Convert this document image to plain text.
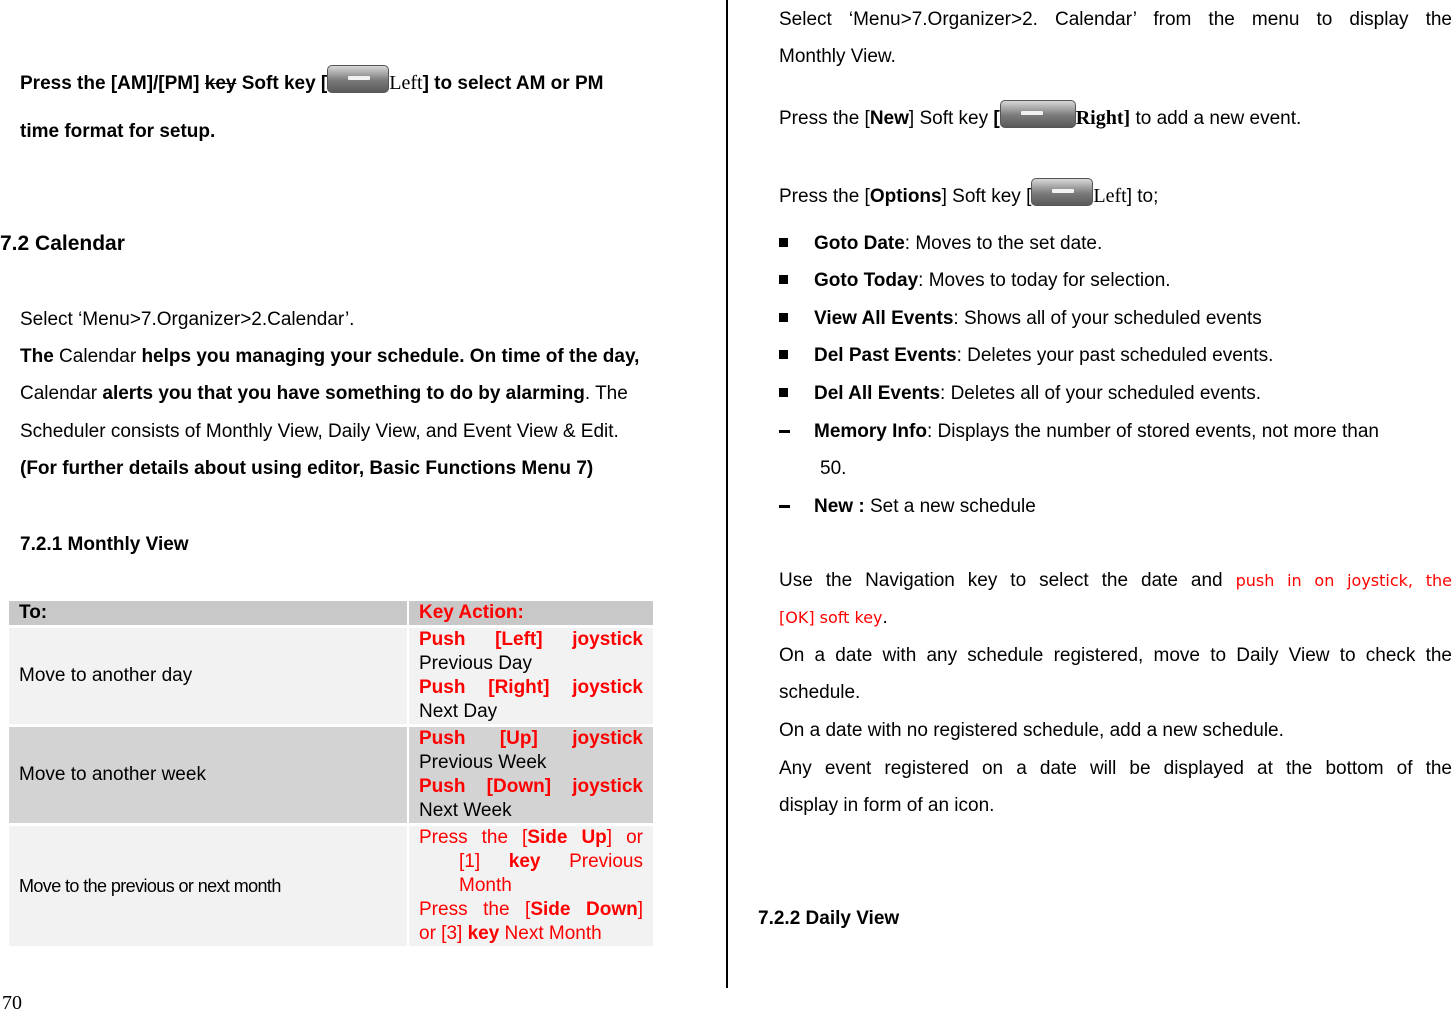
Press the [AM]/[PM] key Soft key [	Left] to select AM or PM
time format for setup.
7.2 Calendar
Select ‘Menu>7.Organizer>2.Calendar’.
The Calendar helps you managing your schedule. On time of the day,
Calendar alerts you that you have something to do by alarming. The
Scheduler consists of Monthly View, Daily View, and Event View & Edit.
(For further details about using editor, Basic Functions Menu 7)
7.2.1 Monthly View
To:	Key Action:
Move to another day	Push [Left] joystick
Previous Day
Push [Right] joystick
Next Day

Move to another week	Push [Up] joystick
Previous Week
Push [Down] joystick
Next Week

Move to the previous or next month	Press the [Side Up] or
[1] key Previous
Month
Press the [Side Down]
or [3] key Next Month
70
Select ‘Menu>7.Organizer>2. Calendar’ from the menu to display the
Monthly View.
Press the [New] Soft key [	Right] to add a new event.
Press the [Options] Soft key [	Left] to;
Goto Date: Moves to the set date.
Goto Today: Moves to today for selection.
View All Events: Shows all of your scheduled events
Del Past Events: Deletes your past scheduled events.
Del All Events: Deletes all of your scheduled events.
Memory Info: Displays the number of stored events, not more than
50.
New : Set a new schedule
Use the Navigation key to select the date and push in on joystick, the
[OK] soft key.
On a date with any schedule registered, move to Daily View to check the
schedule.
On a date with no registered schedule, add a new schedule.
Any event registered on a date will be displayed at the bottom of the
display in form of an icon.
7.2.2 Daily View
